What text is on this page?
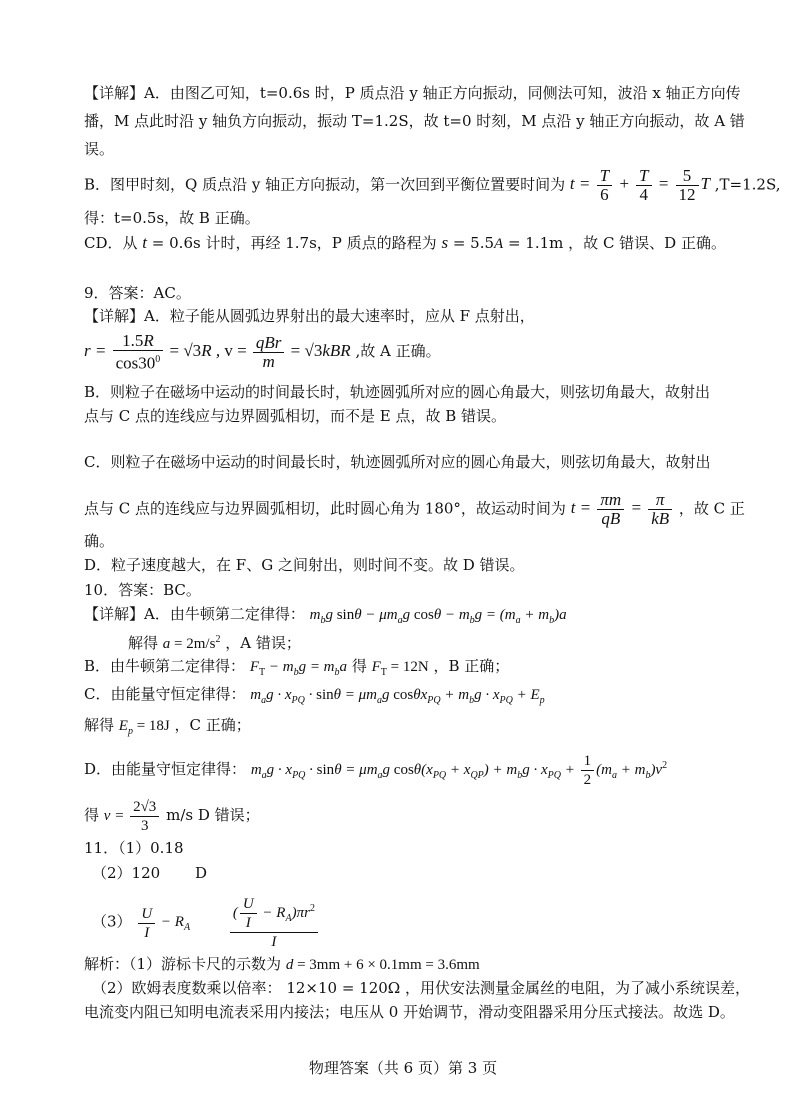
【详解】A．由图乙可知，t=0.6s 时，P 质点沿 y 轴正方向振动，同侧法可知，波沿 x 轴正方向传
播，M 点此时沿 y 轴负方向振动，振动 T=1.2S，故 t=0 时刻，M 点沿 y 轴正方向振动，故 A 错
误。
B．图甲时刻，Q 质点沿 y 轴正方向振动，第一次回到平衡位置要时间为 $t = \frac{T}{6} + \frac{T}{4} = \frac{5}{12}$ T ,T=1.2S,
得：t=0.5s，故 B 正确。
CD．从 t = 0.6s 计时，再经 1.7s，P 质点的路程为 s = 5.5A = 1.1m ，故 C 错误、D 正确。
9．答案：AC。
【详解】A．粒子能从圆弧边界射出的最大速率时，应从 F 点射出，
$r = \frac{1.5R}{\cos 30^0} = √3R$ , $v = \frac{\text{qBr}}{m} = √3kBR$ ,故 A 正确。
B．则粒子在磁场中运动的时间最长时，轨迹圆弧所对应的圆心角最大，则弦切角最大，故射出
点与 C 点的连线应与边界圆弧相切，而不是 E 点，故 B 错误。
C．则粒子在磁场中运动的时间最长时，轨迹圆弧所对应的圆心角最大，则弦切角最大，故射出
点与 C 点的连线应与边界圆弧相切，此时圆心角为 180°，故运动时间为 $t = \frac{\pi m}{qB} = \frac{\pi}{kB}$ ，故 C 正
确。
D．粒子速度越大，在 F、G 之间射出，则时间不变。故 D 错误。
10．答案：BC。
【详解】A．由牛顿第二定律得： $m_bg$ $\sin\theta - \mu m_ag$ $\cos\theta - m_bg = (m_a + m_b)a$
解得 $a = 2m/s^2$ ，A 错误；
B．由牛顿第二定律得： $F_T - m_bg = m_ba$ 得 $F_T = 12N$ ，B 正确；
C．由能量守恒定律得： $m_ag \cdot x_{PQ} \cdot \sin\theta = \mu m_ag$ $\cos\theta x_{PQ} + m_bg \cdot x_{PQ} + E_p$
解得 $E_p = 18J$ ，C 正确；
D．由能量守恒定律得： $m_ag \cdot x_{PQ} \cdot \sin\theta = \mu m_ag$ $\cos\theta(x_{PQ} + x_{QP}) + m_bg \cdot x_{PQ} + \frac{1}{2} (m_a + m_b)v^2$
得 $v = \frac{2√3}{3} m/s$ D 错误；
11．（1）0.18
（2）120 D
$(3) \frac{U}{I} - R_A$	$\frac{( \frac{U}{I} - R_A)\pi r^2}{I}$
解析：（1）游标卡尺的示数为 d = 3mm + 6 × 0.1mm = 3.6mm
（2）欧姆表度数乘以倍率： 12×10 = 120Ω ，用伏安法测量金属丝的电阻，为了减小系统误差，
电流变内阻已知明电流表采用内接法；电压从 0 开始调节，滑动变阻器采用分压式接法。故选 D。
物理答案（共 6 页）第 3 页
